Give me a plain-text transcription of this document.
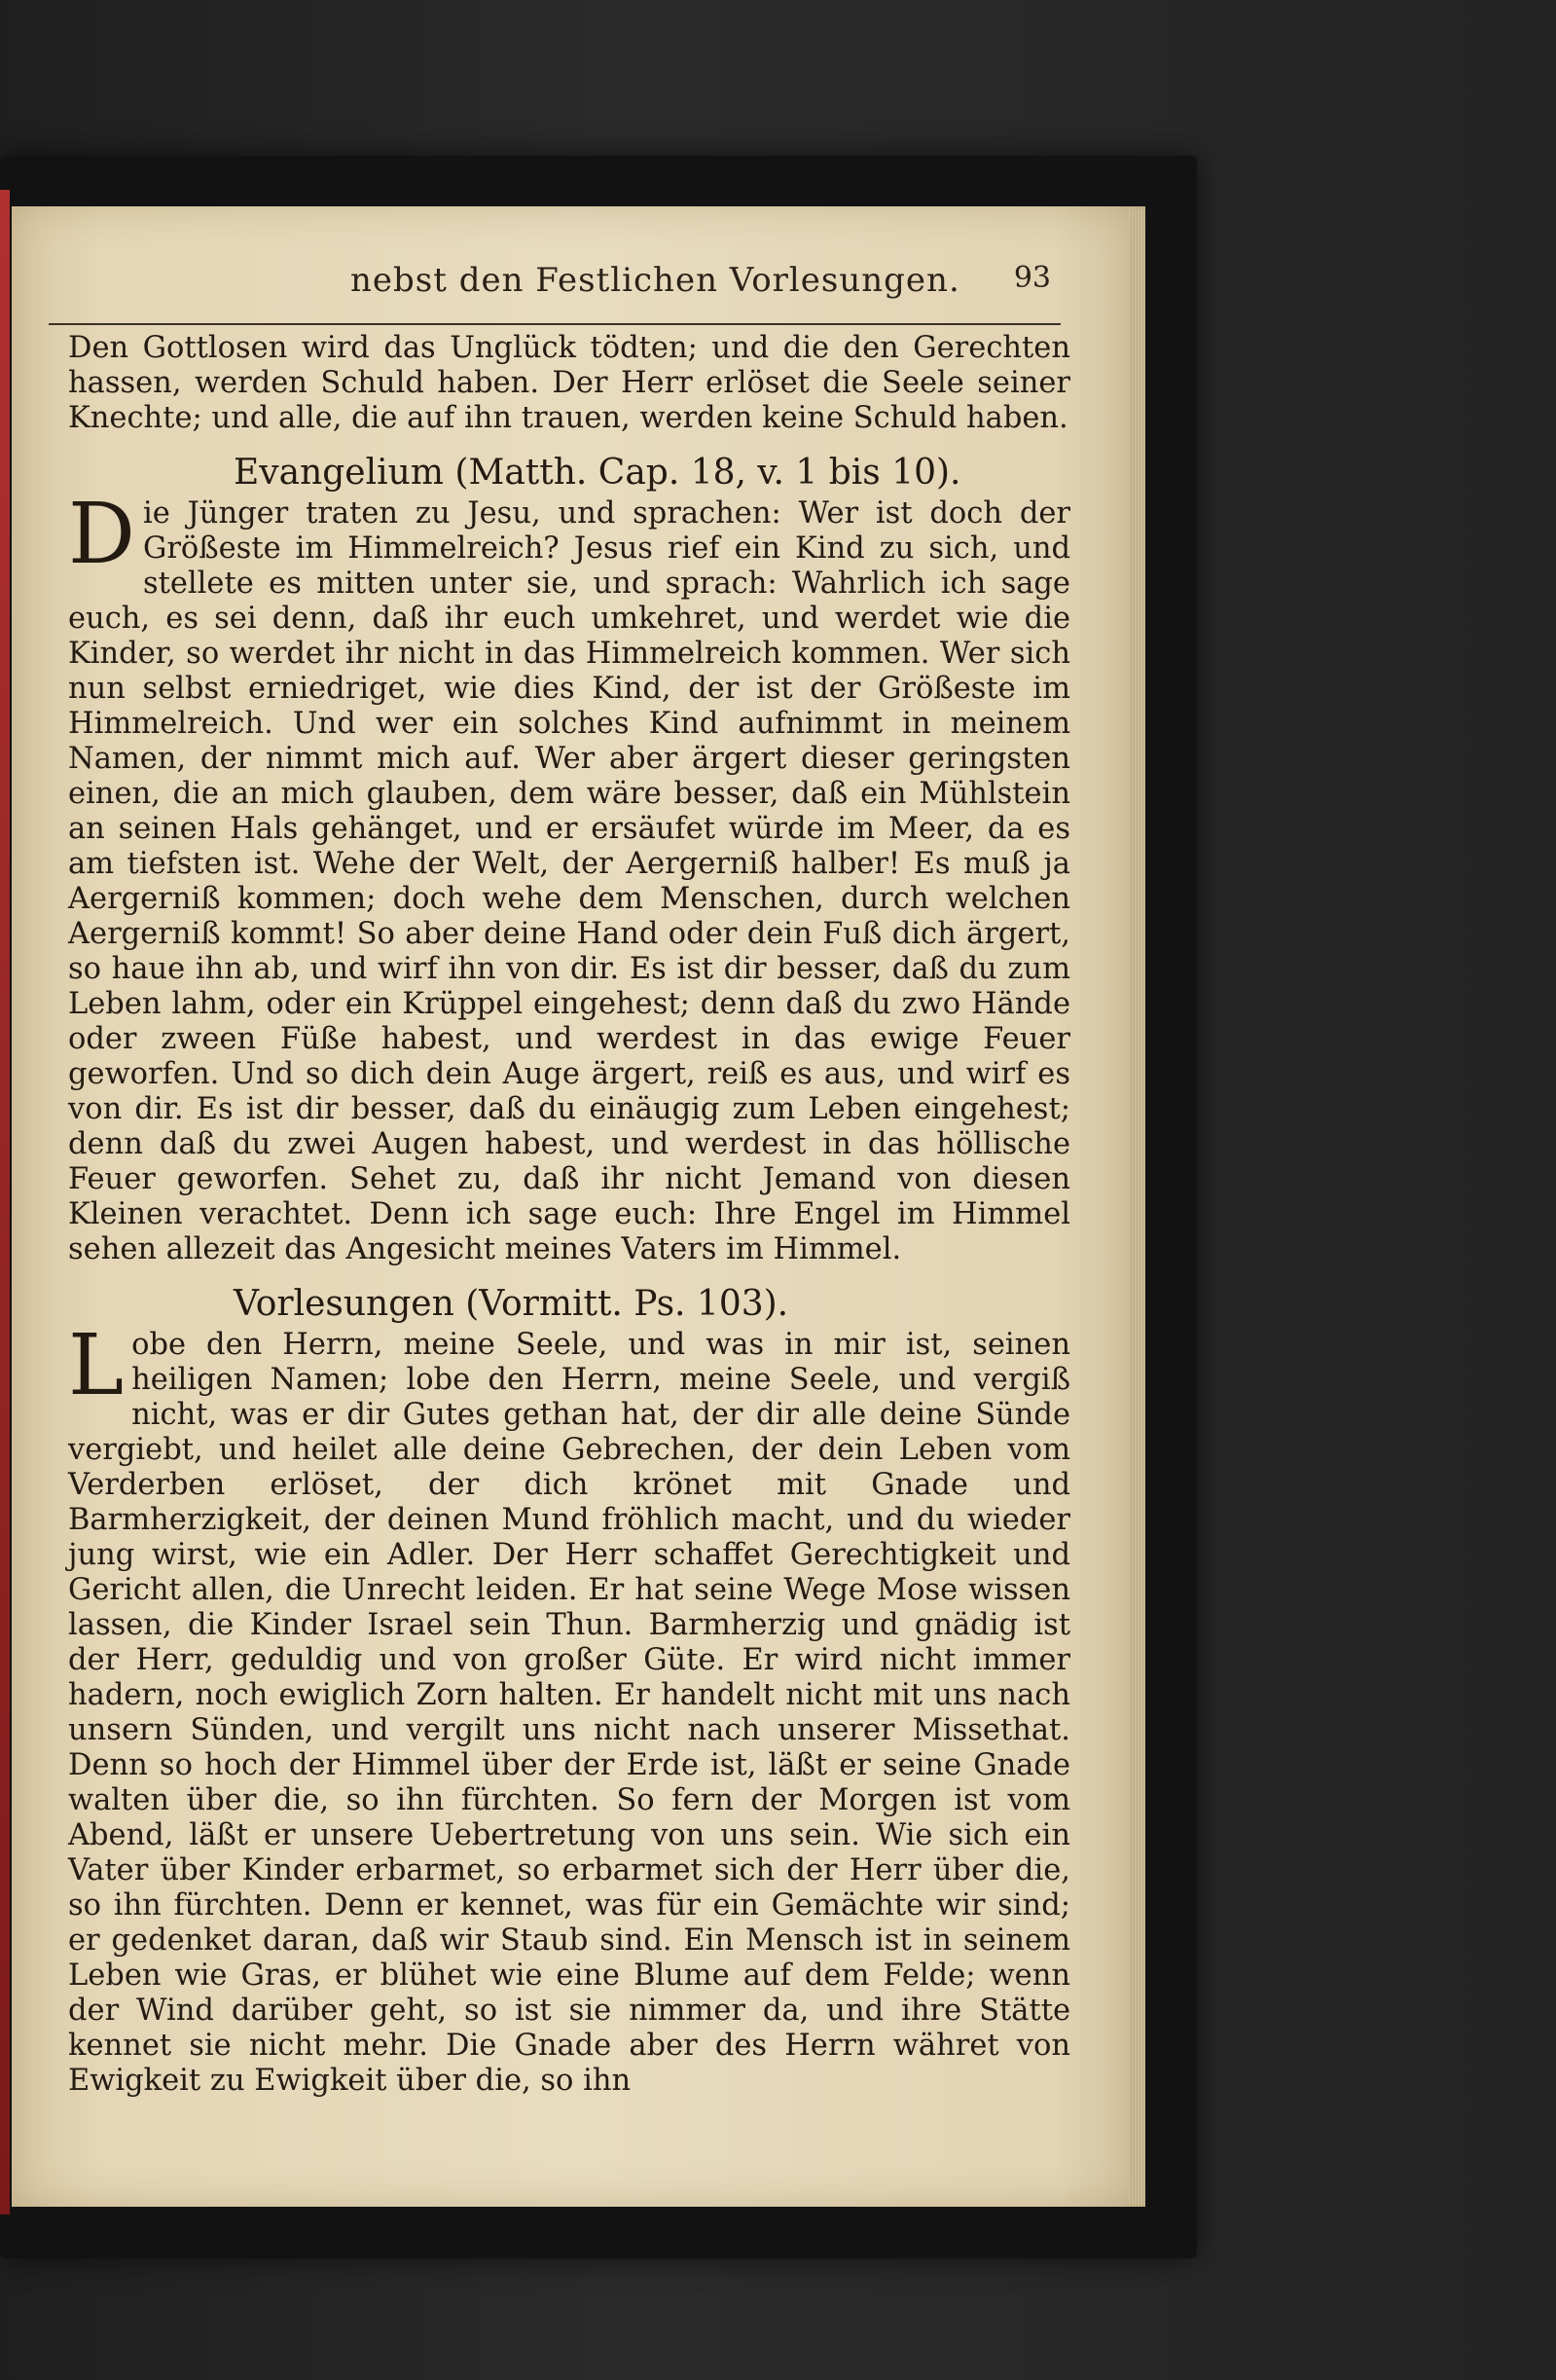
nebst den Festlichen Vorlesungen. 93

Den Gottlosen wird das Unglück tödten; und die den Gerechten hassen, werden Schuld haben. Der Herr erlöset die Seele seiner Knechte; und alle, die auf ihn trauen, werden keine Schuld haben.

Evangelium (Matth. Cap. 18, v. 1 bis 10).

Die Jünger traten zu Jesu, und sprachen: Wer ist doch der Größeste im Himmelreich? Jesus rief ein Kind zu sich, und stellete es mitten unter sie, und sprach: Wahrlich ich sage euch, es sei denn, daß ihr euch umkehret, und werdet wie die Kinder, so werdet ihr nicht in das Himmelreich kommen. Wer sich nun selbst erniedriget, wie dies Kind, der ist der Größeste im Himmelreich. Und wer ein solches Kind aufnimmt in meinem Namen, der nimmt mich auf. Wer aber ärgert dieser geringsten einen, die an mich glauben, dem wäre besser, daß ein Mühlstein an seinen Hals gehänget, und er ersäufet würde im Meer, da es am tiefsten ist. Wehe der Welt, der Aergerniß halber! Es muß ja Aergerniß kommen; doch wehe dem Menschen, durch welchen Aergerniß kommt! So aber deine Hand oder dein Fuß dich ärgert, so haue ihn ab, und wirf ihn von dir. Es ist dir besser, daß du zum Leben lahm, oder ein Krüppel eingehest; denn daß du zwo Hände oder zween Füße habest, und werdest in das ewige Feuer geworfen. Und so dich dein Auge ärgert, reiß es aus, und wirf es von dir. Es ist dir besser, daß du einäugig zum Leben eingehest; denn daß du zwei Augen habest, und werdest in das höllische Feuer geworfen. Sehet zu, daß ihr nicht Jemand von diesen Kleinen verachtet. Denn ich sage euch: Ihre Engel im Himmel sehen allezeit das Angesicht meines Vaters im Himmel.

Vorlesungen (Vormitt. Ps. 103).

Lobe den Herrn, meine Seele, und was in mir ist, seinen heiligen Namen; lobe den Herrn, meine Seele, und vergiß nicht, was er dir Gutes gethan hat, der dir alle deine Sünde vergiebt, und heilet alle deine Gebrechen, der dein Leben vom Verderben erlöset, der dich krönet mit Gnade und Barmherzigkeit, der deinen Mund fröhlich macht, und du wieder jung wirst, wie ein Adler. Der Herr schaffet Gerechtigkeit und Gericht allen, die Unrecht leiden. Er hat seine Wege Mose wissen lassen, die Kinder Israel sein Thun. Barmherzig und gnädig ist der Herr, geduldig und von großer Güte. Er wird nicht immer hadern, noch ewiglich Zorn halten. Er handelt nicht mit uns nach unsern Sünden, und vergilt uns nicht nach unserer Missethat. Denn so hoch der Himmel über der Erde ist, läßt er seine Gnade walten über die, so ihn fürchten. So fern der Morgen ist vom Abend, läßt er unsere Uebertretung von uns sein. Wie sich ein Vater über Kinder erbarmet, so erbarmet sich der Herr über die, so ihn fürchten. Denn er kennet, was für ein Gemächte wir sind; er gedenket daran, daß wir Staub sind. Ein Mensch ist in seinem Leben wie Gras, er blühet wie eine Blume auf dem Felde; wenn der Wind darüber geht, so ist sie nimmer da, und ihre Stätte kennet sie nicht mehr. Die Gnade aber des Herrn währet von Ewigkeit zu Ewigkeit über die, so ihn
